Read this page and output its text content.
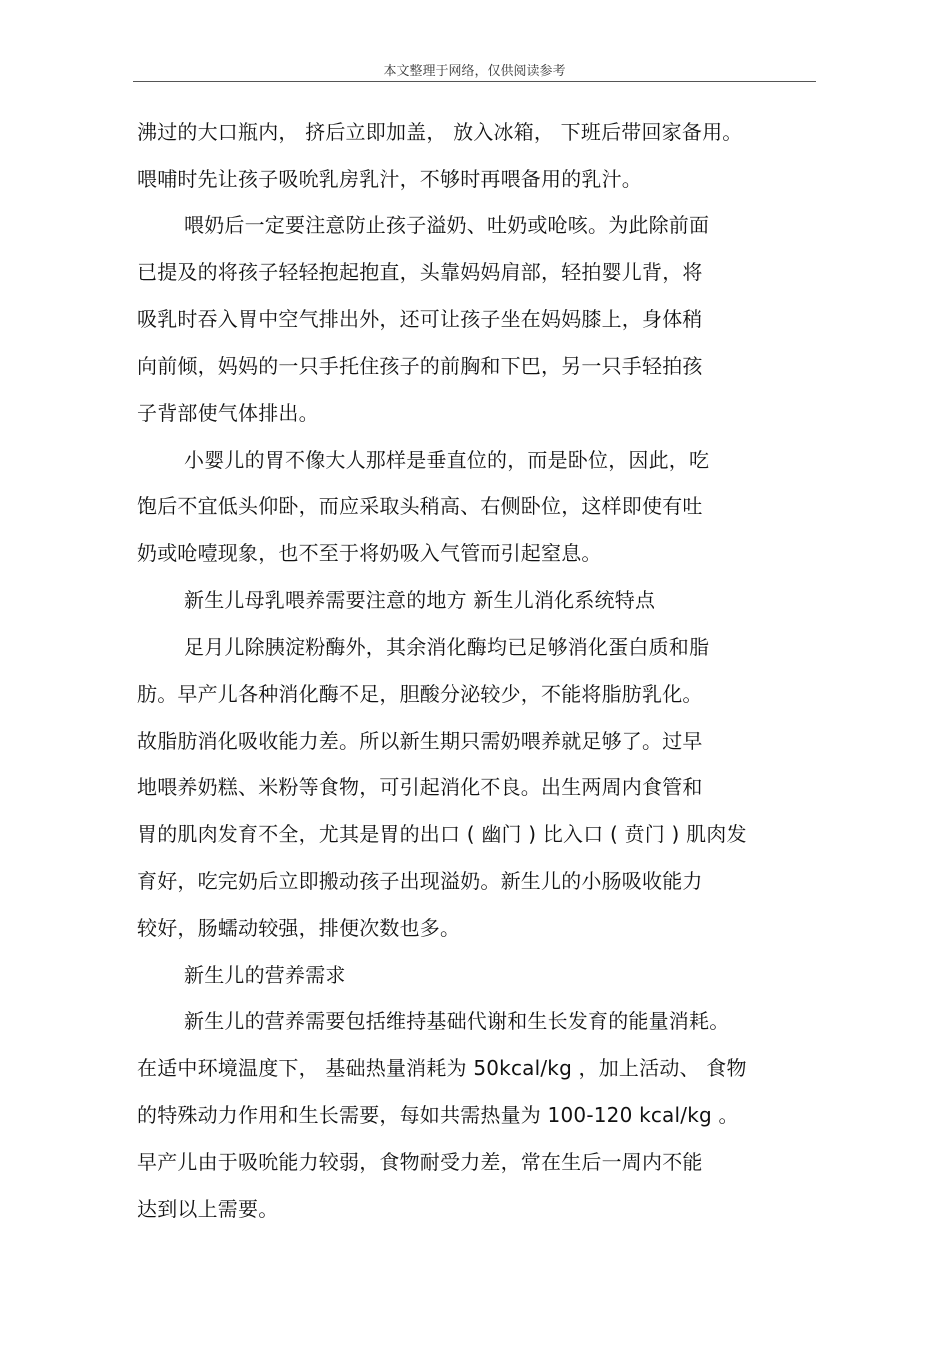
本文整理于网络，仅供阅读参考
沸过的大口瓶内， 挤后立即加盖， 放入冰箱， 下班后带回家备用。
喂哺时先让孩子吸吮乳房乳汁，不够时再喂备用的乳汁。
喂奶后一定要注意防止孩子溢奶、吐奶或呛咳。为此除前面
已提及的将孩子轻轻抱起抱直，头靠妈妈肩部，轻拍婴儿背，将
吸乳时吞入胃中空气排出外，还可让孩子坐在妈妈膝上，身体稍
向前倾，妈妈的一只手托住孩子的前胸和下巴，另一只手轻拍孩
子背部使气体排出。
小婴儿的胃不像大人那样是垂直位的，而是卧位，因此，吃
饱后不宜低头仰卧，而应采取头稍高、右侧卧位，这样即使有吐
奶或呛噎现象，也不至于将奶吸入气管而引起窒息。
新生儿母乳喂养需要注意的地方 新生儿消化系统特点
足月儿除胰淀粉酶外，其余消化酶均已足够消化蛋白质和脂
肪。早产儿各种消化酶不足，胆酸分泌较少，不能将脂肪乳化。
故脂肪消化吸收能力差。所以新生期只需奶喂养就足够了。过早
地喂养奶糕、米粉等食物，可引起消化不良。出生两周内食管和
胃的肌肉发育不全，尤其是胃的出口 ( 幽门 ) 比入口 ( 贲门 ) 肌肉发
育好，吃完奶后立即搬动孩子出现溢奶。新生儿的小肠吸收能力
较好，肠蠕动较强，排便次数也多。
新生儿的营养需求
新生儿的营养需要包括维持基础代谢和生长发育的能量消耗。
在适中环境温度下， 基础热量消耗为 50kcal/kg ，加上活动、 食物
的特殊动力作用和生长需要，每如共需热量为 100-120 kcal/kg 。
早产儿由于吸吮能力较弱，食物耐受力差，常在生后一周内不能
达到以上需要。
